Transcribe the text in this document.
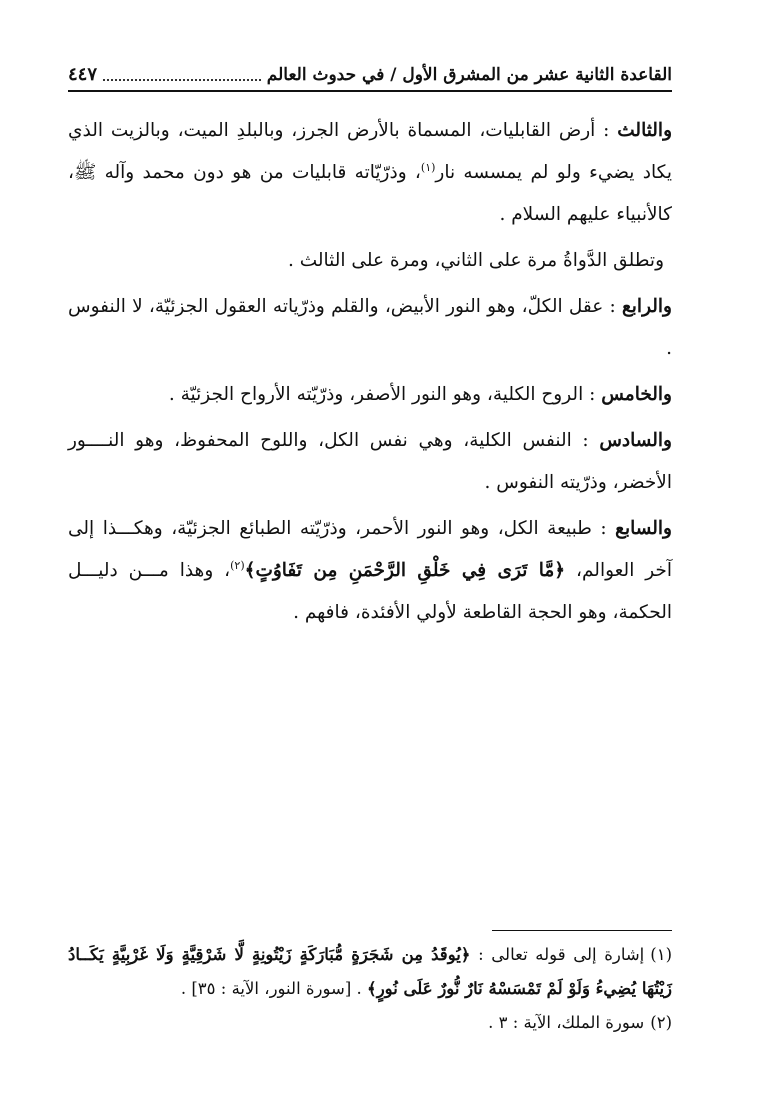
القاعدة الثانية عشر من المشرق الأول / في حدوث العالم
٤٤٧

والثالث : أرض القابليات، المسماة بالأرض الجرز، وبالبلدِ الميت، وبالزيت الذي يكاد يضيء ولو لم يمسسه نار$^{(١)}$، وذرّيّاته قابليات من هو دون محمد وآله ﷺ، كالأنبياء عليهم السلام .

وتطلق الدَّواةُ مرة على الثاني، ومرة على الثالث .

والرابع : عقل الكلّ، وهو النور الأبيض، والقلم وذرّياته العقول الجزئيّة، لا النفوس .

والخامس : الروح الكلية، وهو النور الأصفر، وذرّيّته الأرواح الجزئيّة .

والسادس : النفس الكلية، وهي نفس الكل، واللوح المحفوظ، وهو النــــور الأخضر، وذرّيته النفوس .

والسابع : طبيعة الكل، وهو النور الأحمر، وذرّيّته الطبائع الجزئيّة، وهكـــذا إلى آخر العوالم، ﴿مَّا تَرَى فِي خَلْقِ الرَّحْمَنِ مِن تَفَاوُتٍ﴾$^{(٢)}$، وهذا مـــن دليـــل الحكمة، وهو الحجة القاطعة لأولي الأفئدة، فافهم .

(١)إشارة إلى قوله تعالى : ﴿يُوقَدُ مِن شَجَرَةٍ مُّبَارَكَةٍ زَيْتُونِةٍ لَّا شَرْقِيَّةٍ وَلَا غَرْبِيَّةٍ يَكَــادُ زَيْتُهَا يُضِيءُ وَلَوْ لَمْ تَمْسَسْهُ نَارٌ نُّورٌ عَلَى نُورٍ﴾ . [سورة النور، الآية : ٣٥] .

(٢)سورة الملك، الآية : ٣ .
